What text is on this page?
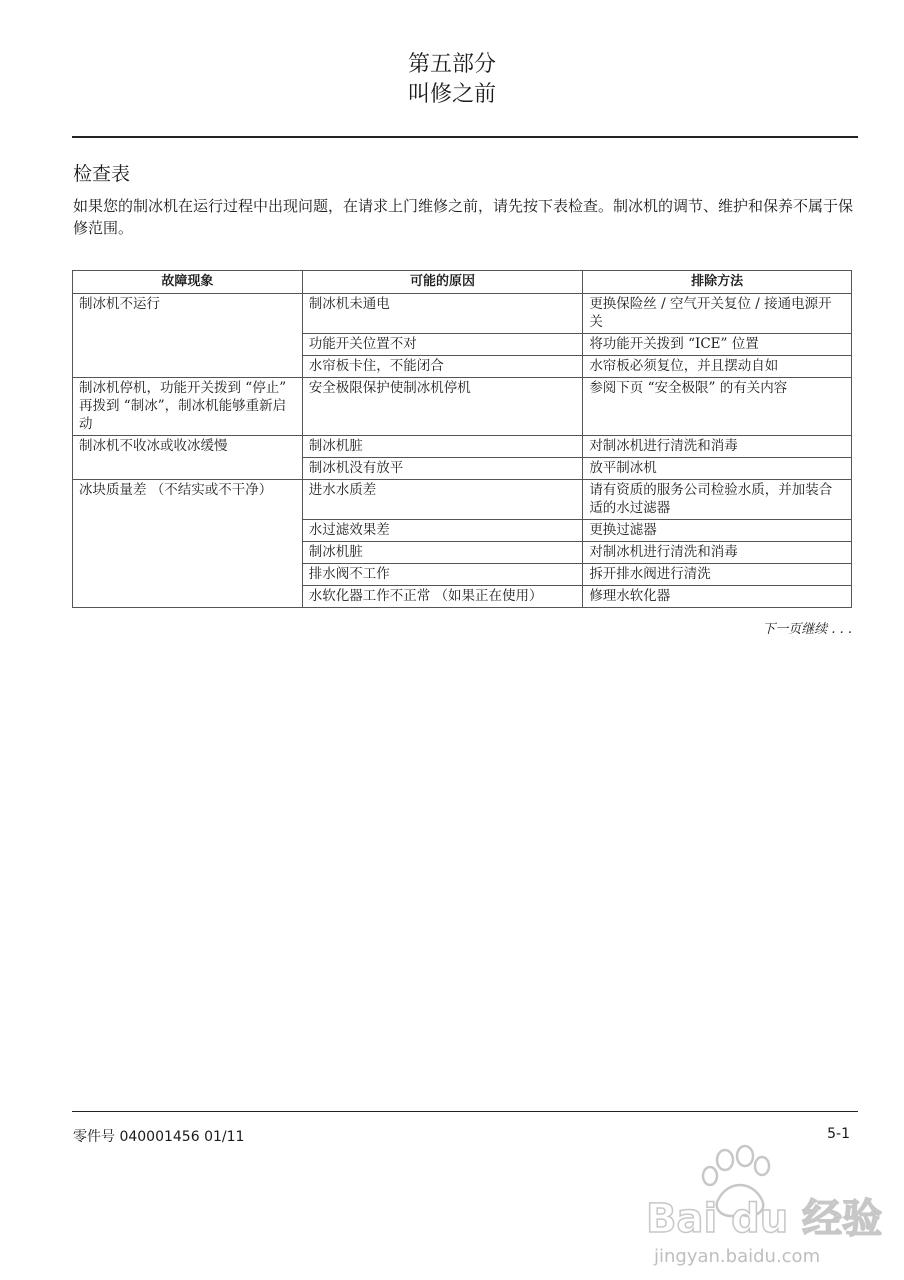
第五部分
叫修之前
检查表
如果您的制冰机在运行过程中出现问题，在请求上门维修之前，请先按下表检查。制冰机的调节、维护和保养不属于保修范围。
故障现象	可能的原因	排除方法
制冰机不运行	制冰机未通电	更换保险丝 / 空气开关复位 / 接通电源开关
	功能开关位置不对	将功能开关拨到 “ICE” 位置
	水帘板卡住，不能闭合	水帘板必须复位，并且摆动自如
制冰机停机，功能开关拨到 “停止” 再拨到 “制冰”，制冰机能够重新启动	安全极限保护使制冰机停机	参阅下页 “安全极限” 的有关内容
制冰机不收冰或收冰缓慢	制冰机脏	对制冰机进行清洗和消毒
	制冰机没有放平	放平制冰机
冰块质量差 （不结实或不干净）	进水水质差	请有资质的服务公司检验水质，并加装合适的水过滤器
	水过滤效果差	更换过滤器
	制冰机脏	对制冰机进行清洗和消毒
	排水阀不工作	拆开排水阀进行清洗
	水软化器工作不正常 （如果正在使用）	修理水软化器
下一页继续 . . .
零件号 040001456 01/11	5-1
Bai du 经验
jingyan.baidu.com
